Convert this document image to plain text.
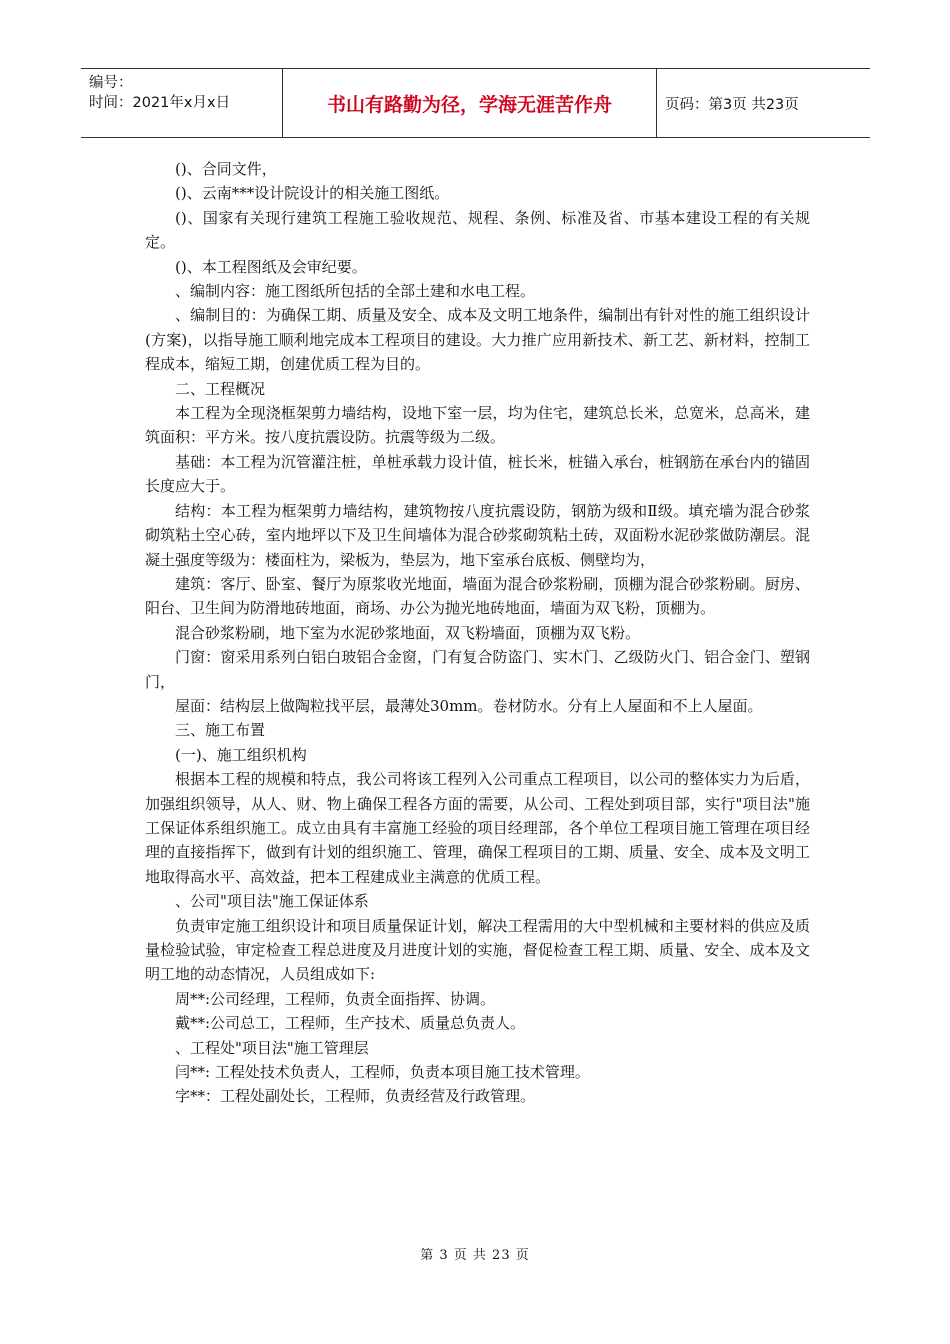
编号：
时间：2021年x月x日	书山有路勤为径，学海无涯苦作舟	页码：第3页 共23页

()、合同文件，

()、云南***设计院设计的相关施工图纸。

()、国家有关现行建筑工程施工验收规范、规程、条例、标准及省、市基本建设工程的有关规定。

()、本工程图纸及会审纪要。

、编制内容：施工图纸所包括的全部土建和水电工程。

、编制目的：为确保工期、质量及安全、成本及文明工地条件，编制出有针对性的施工组织设计(方案)，以指导施工顺利地完成本工程项目的建设。大力推广应用新技术、新工艺、新材料，控制工程成本，缩短工期，创建优质工程为目的。

二、工程概况

本工程为全现浇框架剪力墙结构，设地下室一层，均为住宅，建筑总长米，总宽米，总高米，建筑面积：平方米。按八度抗震设防。抗震等级为二级。

基础：本工程为沉管灌注桩，单桩承载力设计值，桩长米，桩锚入承台，桩钢筋在承台内的锚固长度应大于。

结构：本工程为框架剪力墙结构，建筑物按八度抗震设防，钢筋为级和Ⅱ级。填充墙为混合砂浆砌筑粘土空心砖，室内地坪以下及卫生间墙体为混合砂浆砌筑粘土砖，双面粉水泥砂浆做防潮层。混凝土强度等级为：楼面柱为，梁板为，垫层为，地下室承台底板、侧壁均为，

建筑：客厅、卧室、餐厅为原浆收光地面，墙面为混合砂浆粉刷，顶棚为混合砂浆粉刷。厨房、阳台、卫生间为防滑地砖地面，商场、办公为抛光地砖地面，墙面为双飞粉，顶棚为。

混合砂浆粉刷，地下室为水泥砂浆地面，双飞粉墙面，顶棚为双飞粉。

门窗：窗采用系列白铝白玻铝合金窗，门有复合防盗门、实木门、乙级防火门、铝合金门、塑钢门，

屋面：结构层上做陶粒找平层，最薄处30mm。卷材防水。分有上人屋面和不上人屋面。

三、施工布置

(一)、施工组织机构

根据本工程的规模和特点，我公司将该工程列入公司重点工程项目，以公司的整体实力为后盾，加强组织领导，从人、财、物上确保工程各方面的需要，从公司、工程处到项目部，实行"项目法"施工保证体系组织施工。成立由具有丰富施工经验的项目经理部，各个单位工程项目施工管理在项目经理的直接指挥下，做到有计划的组织施工、管理，确保工程项目的工期、质量、安全、成本及文明工地取得高水平、高效益，把本工程建成业主满意的优质工程。

、公司"项目法"施工保证体系

负责审定施工组织设计和项目质量保证计划，解决工程需用的大中型机械和主要材料的供应及质量检验试验，审定检查工程总进度及月进度计划的实施，督促检查工程工期、质量、安全、成本及文明工地的动态情况，人员组成如下:

周**:公司经理，工程师，负责全面指挥、协调。

戴**:公司总工，工程师，生产技术、质量总负责人。

、工程处"项目法"施工管理层

闫**: 工程处技术负责人，工程师，负责本项目施工技术管理。

字**：工程处副处长，工程师，负责经营及行政管理。

第 3 页 共 23 页
